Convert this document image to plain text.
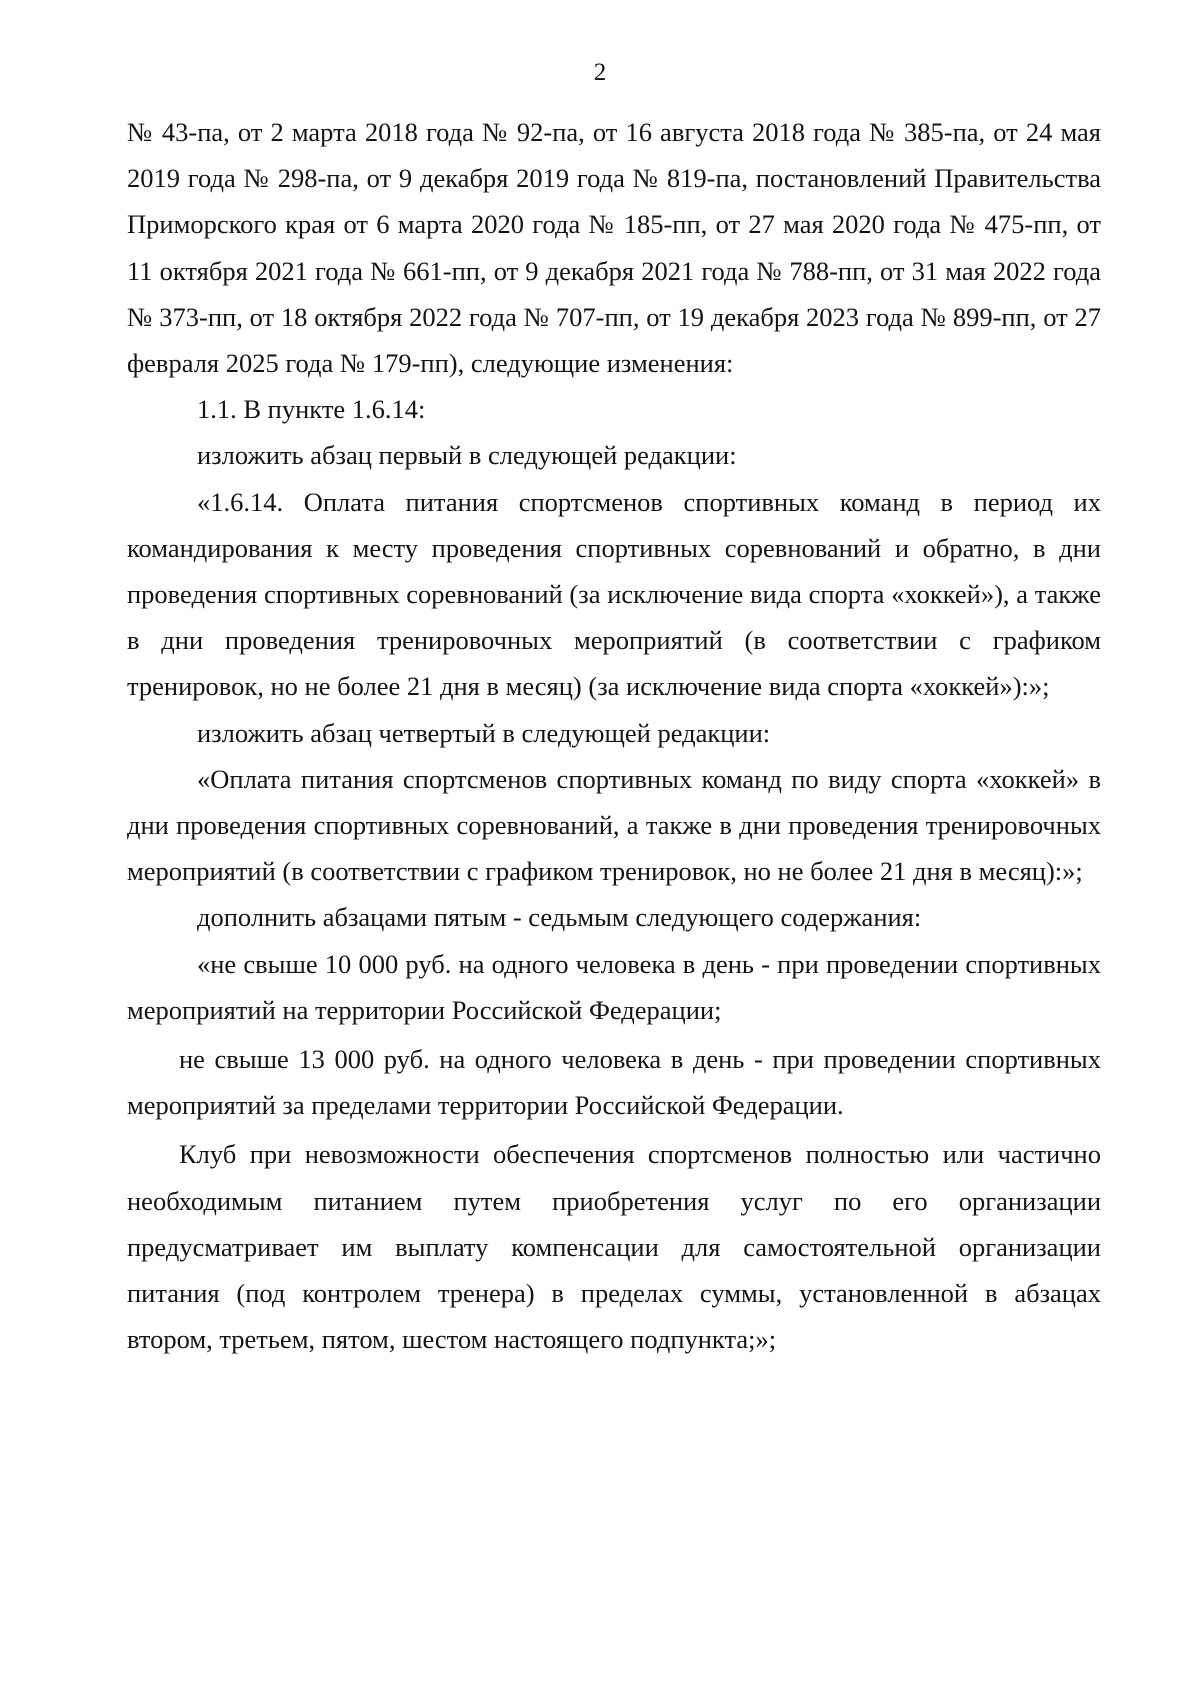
2

№ 43-па, от 2 марта 2018 года № 92-па, от 16 августа 2018 года № 385-па, от 24 мая 2019 года № 298-па, от 9 декабря 2019 года № 819-па, постановлений Правительства Приморского края от 6 марта 2020 года № 185-пп, от 27 мая 2020 года № 475-пп, от 11 октября 2021 года № 661-пп, от 9 декабря 2021 года № 788-пп, от 31 мая 2022 года № 373-пп, от 18 октября 2022 года № 707-пп, от 19 декабря 2023 года № 899-пп, от 27 февраля 2025 года № 179-пп), следующие изменения:

1.1. В пункте 1.6.14:

изложить абзац первый в следующей редакции:

«1.6.14. Оплата питания спортсменов спортивных команд в период их командирования к месту проведения спортивных соревнований и обратно, в дни проведения спортивных соревнований (за исключение вида спорта «хоккей»), а также в дни проведения тренировочных мероприятий (в соответствии с графиком тренировок, но не более 21 дня в месяц) (за исключение вида спорта «хоккей»):»;

изложить абзац четвертый в следующей редакции:

«Оплата питания спортсменов спортивных команд по виду спорта «хоккей» в дни проведения спортивных соревнований, а также в дни проведения тренировочных мероприятий (в соответствии с графиком тренировок, но не более 21 дня в месяц):»;

дополнить абзацами пятым - седьмым следующего содержания:

«не свыше 10 000 руб. на одного человека в день - при проведении спортивных мероприятий на территории Российской Федерации;

не свыше 13 000 руб. на одного человека в день - при проведении спортивных мероприятий за пределами территории Российской Федерации.

Клуб при невозможности обеспечения спортсменов полностью или частично необходимым питанием путем приобретения услуг по его организации предусматривает им выплату компенсации для самостоятельной организации питания (под контролем тренера) в пределах суммы, установленной в абзацах втором, третьем, пятом, шестом настоящего подпункта;»;
